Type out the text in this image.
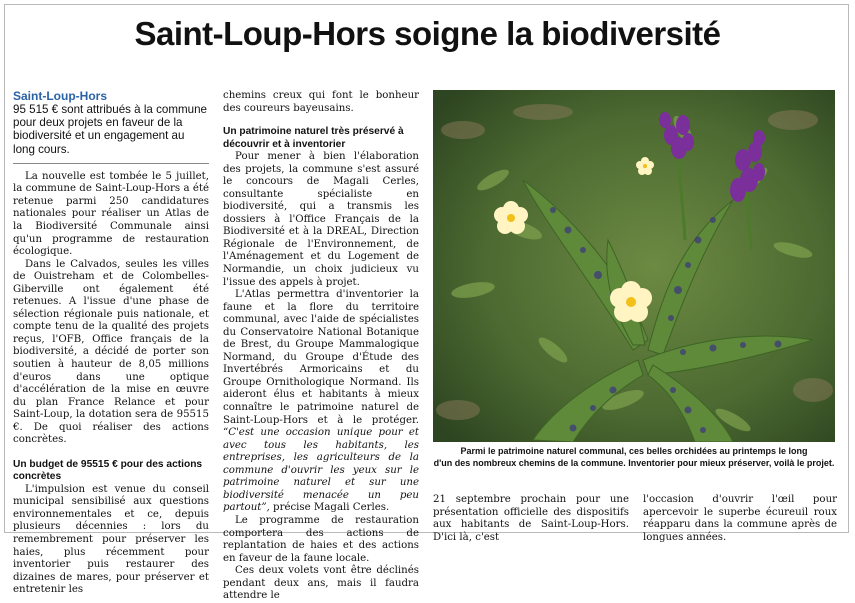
Saint-Loup-Hors soigne la biodiversité
Saint-Loup-Hors
95 515 € sont attribués à la commune pour deux projets en faveur de la biodiversité et un engagement au long cours.

La nouvelle est tombée le 5 juillet, la commune de Saint-Loup-Hors a été retenue parmi 250 candidatures nationales pour réaliser un Atlas de la Biodiversité Communale ainsi qu'un programme de restauration écologique.

Dans le Calvados, seules les villes de Ouistreham et de Colombelles-Giberville ont également été retenues. A l'issue d'une phase de sélection régionale puis nationale, et compte tenu de la qualité des projets reçus, l'OFB, Office français de la biodiversité, a décidé de porter son soutien à hauteur de 8,05 millions d'euros dans une optique d'accélération de la mise en œuvre du plan France Relance et pour Saint-Loup, la dotation sera de 95515 €. De quoi réaliser des actions concrètes.

Un budget de 95515 € pour des actions concrètes

L'impulsion est venue du conseil municipal sensibilisé aux questions environnementales et ce, depuis plusieurs décennies : lors du remembrement pour préserver les haies, plus récemment pour inventorier puis restaurer des dizaines de mares, pour préserver et entretenir les

chemins creux qui font le bonheur des coureurs bayeusains.

Un patrimoine naturel très préservé à découvrir et à inventorier

Pour mener à bien l'élaboration des projets, la commune s'est assuré le concours de Magali Cerles, consultante spécialiste en biodiversité, qui a transmis les dossiers à l'Office Français de la Biodiversité et à la DREAL, Direction Régionale de l'Environnement, de l'Aménagement et du Logement de Normandie, un choix judicieux vu l'issue des appels à projet.

L'Atlas permettra d'inventorier la faune et la flore du territoire communal, avec l'aide de spécialistes du Conservatoire National Botanique de Brest, du Groupe Mammalogique Normand, du Groupe d'Étude des Invertébrés Armoricains et du Groupe Ornithologique Normand. Ils aideront élus et habitants à mieux connaître le patrimoine naturel de Saint-Loup-Hors et à le protéger. “C'est une occasion unique pour et avec tous les habitants, les entreprises, les agriculteurs de la commune d'ouvrir les yeux sur le patrimoine naturel et sur une biodiversité menacée un peu partout”, précise Magali Cerles.

Le programme de restauration comportera des actions de replantation de haies et des actions en faveur de la faune locale.

Ces deux volets vont être déclinés pendant deux ans, mais il faudra attendre le

Parmi le patrimoine naturel communal, ces belles orchidées au printemps le long
d'un des nombreux chemins de la commune. Inventorier pour mieux préserver, voilà le projet.

21 septembre prochain pour une présentation officielle des dispositifs aux habitants de Saint-Loup-Hors. D'ici là, c'est

l'occasion d'ouvrir l'œil pour apercevoir le superbe écureuil roux réapparu dans la commune après de longues années.
